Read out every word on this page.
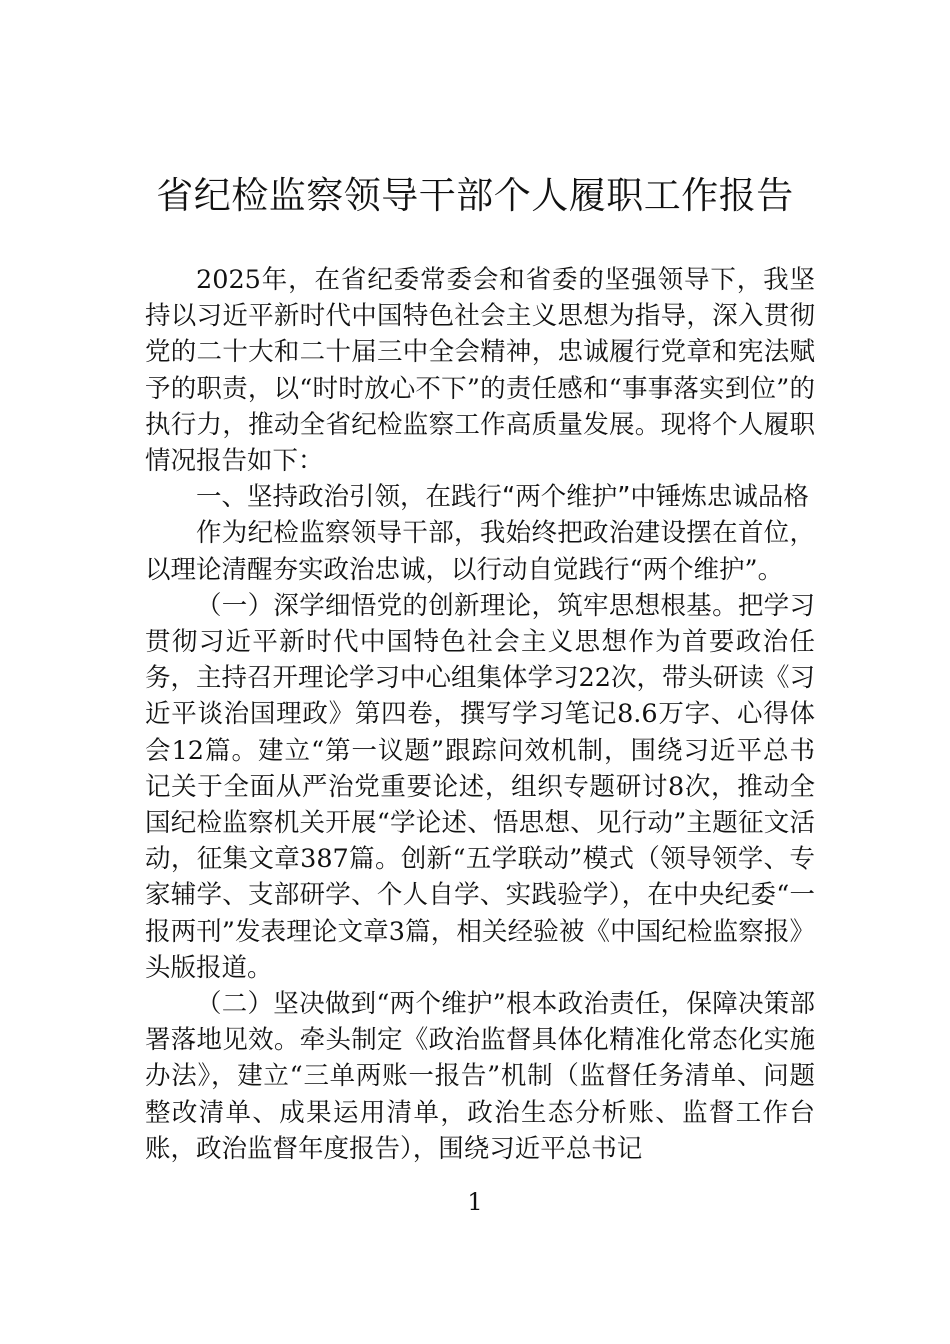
省纪检监察领导干部个人履职工作报告

2025年，在省纪委常委会和省委的坚强领导下，我坚持以习近平新时代中国特色社会主义思想为指导，深入贯彻党的二十大和二十届三中全会精神，忠诚履行党章和宪法赋予的职责，以“时时放心不下”的责任感和“事事落实到位”的执行力，推动全省纪检监察工作高质量发展。现将个人履职情况报告如下：

一、坚持政治引领，在践行“两个维护”中锤炼忠诚品格

作为纪检监察领导干部，我始终把政治建设摆在首位，以理论清醒夯实政治忠诚，以行动自觉践行“两个维护”。

（一）深学细悟党的创新理论，筑牢思想根基。把学习贯彻习近平新时代中国特色社会主义思想作为首要政治任务，主持召开理论学习中心组集体学习22次，带头研读《习近平谈治国理政》第四卷，撰写学习笔记8.6万字、心得体会12篇。建立“第一议题”跟踪问效机制，围绕习近平总书记关于全面从严治党重要论述，组织专题研讨8次，推动全国纪检监察机关开展“学论述、悟思想、见行动”主题征文活动，征集文章387篇。创新“五学联动”模式（领导领学、专家辅学、支部研学、个人自学、实践验学），在中央纪委“一报两刊”发表理论文章3篇，相关经验被《中国纪检监察报》头版报道。

（二）坚决做到“两个维护”根本政治责任，保障决策部署落地见效。牵头制定《政治监督具体化精准化常态化实施办法》，建立“三单两账一报告”机制（监督任务清单、问题整改清单、成果运用清单，政治生态分析账、监督工作台账，政治监督年度报告），围绕习近平总书记

1
